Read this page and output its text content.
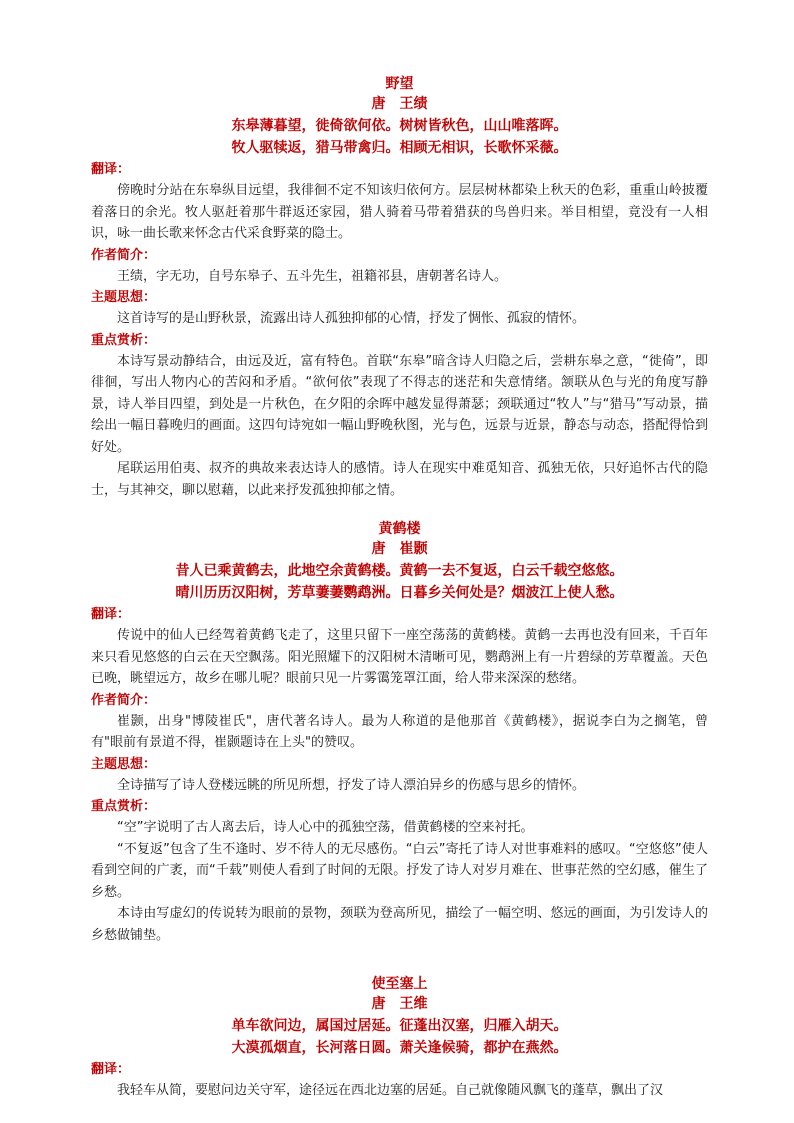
野望
唐 王绩
东皋薄暮望，徙倚欲何依。树树皆秋色，山山唯落晖。
牧人驱犊返，猎马带禽归。相顾无相识，长歌怀采薇。
翻译：

傍晚时分站在东皋纵目远望，我徘徊不定不知该归依何方。层层树林都染上秋天的色彩，重重山岭披覆着落日的余光。牧人驱赶着那牛群返还家园，猎人骑着马带着猎获的鸟兽归来。举目相望，竟没有一人相识，咏一曲长歌来怀念古代采食野菜的隐士。

作者简介：

王绩，字无功，自号东皋子、五斗先生，祖籍祁县，唐朝著名诗人。

主题思想：

这首诗写的是山野秋景，流露出诗人孤独抑郁的心情，抒发了惆怅、孤寂的情怀。

重点赏析：

本诗写景动静结合，由远及近，富有特色。首联“东皋”暗含诗人归隐之后，尝耕东皋之意，“徙倚”，即徘徊，写出人物内心的苦闷和矛盾。“欲何依”表现了不得志的迷茫和失意情绪。颔联从色与光的角度写静景，诗人举目四望，到处是一片秋色，在夕阳的余晖中越发显得萧瑟；颈联通过“牧人”与“猎马”写动景，描绘出一幅日暮晚归的画面。这四句诗宛如一幅山野晚秋图，光与色，远景与近景，静态与动态，搭配得恰到好处。

尾联运用伯夷、叔齐的典故来表达诗人的感情。诗人在现实中难觅知音、孤独无依，只好追怀古代的隐士，与其神交，聊以慰藉，以此来抒发孤独抑郁之情。

黄鹤楼
唐 崔颢
昔人已乘黄鹤去，此地空余黄鹤楼。黄鹤一去不复返，白云千载空悠悠。
晴川历历汉阳树，芳草萋萋鹦鹉洲。日暮乡关何处是？烟波江上使人愁。
翻译：

传说中的仙人已经驾着黄鹤飞走了，这里只留下一座空荡荡的黄鹤楼。黄鹤一去再也没有回来，千百年来只看见悠悠的白云在天空飘荡。阳光照耀下的汉阳树木清晰可见，鹦鹉洲上有一片碧绿的芳草覆盖。天色已晚，眺望远方，故乡在哪儿呢？眼前只见一片雾霭笼罩江面，给人带来深深的愁绪。

作者简介：

崔颢，出身"博陵崔氏"，唐代著名诗人。最为人称道的是他那首《黄鹤楼》，据说李白为之搁笔，曾有"眼前有景道不得，崔颢题诗在上头"的赞叹。

主题思想：

全诗描写了诗人登楼远眺的所见所想，抒发了诗人漂泊异乡的伤感与思乡的情怀。

重点赏析：

“空”字说明了古人离去后，诗人心中的孤独空荡，借黄鹤楼的空来衬托。

“不复返”包含了生不逢时、岁不待人的无尽感伤。“白云”寄托了诗人对世事难料的感叹。“空悠悠”使人看到空间的广袤，而“千载”则使人看到了时间的无限。抒发了诗人对岁月难在、世事茫然的空幻感，催生了乡愁。

本诗由写虚幻的传说转为眼前的景物，颈联为登高所见，描绘了一幅空明、悠远的画面，为引发诗人的乡愁做铺垫。

使至塞上
唐 王维
单车欲问边，属国过居延。征蓬出汉塞，归雁入胡天。
大漠孤烟直，长河落日圆。萧关逢候骑，都护在燕然。
翻译：

我轻车从简，要慰问边关守军，途径远在西北边塞的居延。自己就像随风飘飞的蓬草，飘出了汉
